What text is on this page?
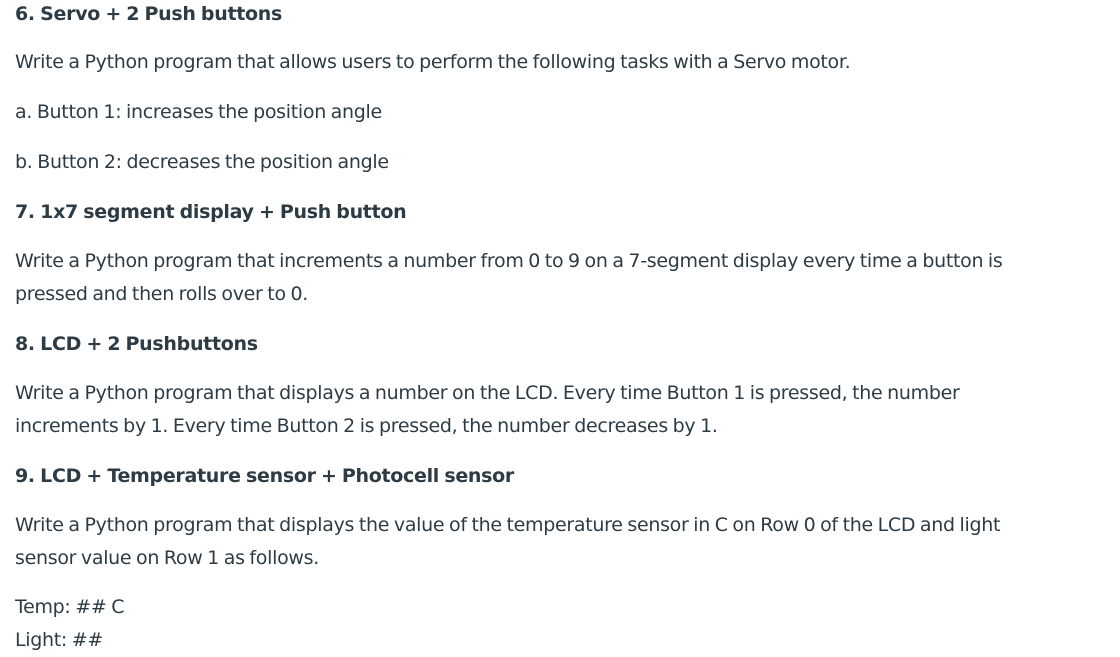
6. Servo + 2 Push buttons

Write a Python program that allows users to perform the following tasks with a Servo motor.

a. Button 1: increases the position angle

b. Button 2: decreases the position angle

7. 1x7 segment display + Push button

Write a Python program that increments a number from 0 to 9 on a 7-segment display every time a button is

pressed and then rolls over to 0.

8. LCD + 2 Pushbuttons

Write a Python program that displays a number on the LCD. Every time Button 1 is pressed, the number

increments by 1. Every time Button 2 is pressed, the number decreases by 1.

9. LCD + Temperature sensor + Photocell sensor

Write a Python program that displays the value of the temperature sensor in C on Row 0 of the LCD and light

sensor value on Row 1 as follows.

Temp: ## C

Light: ##
